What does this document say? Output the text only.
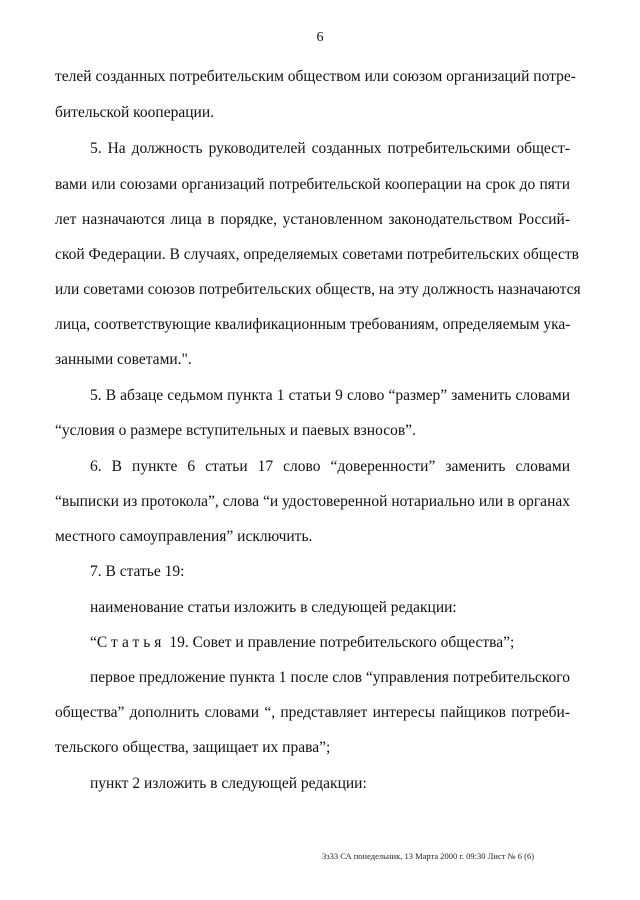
6
телей созданных потребительским обществом или союзом организаций потре-
бительской кооперации.
5. На должность руководителей созданных потребительскими общест-
вами или союзами организаций потребительской кооперации на срок до пяти
лет назначаются лица в порядке, установленном законодательством Россий-
ской Федерации. В случаях, определяемых советами потребительских обществ
или советами союзов потребительских обществ, на эту должность назначаются
лица, соответствующие квалификационным требованиям, определяемым ука-
занными советами.".
5. В абзаце седьмом пункта 1 статьи 9 слово “размер” заменить словами
“условия о размере вступительных и паевых взносов”.
6. В пункте 6 статьи 17 слово “доверенности” заменить словами
“выписки из протокола”, слова “и удостоверенной нотариально или в органах
местного самоуправления” исключить.
7. В статье 19:
наименование статьи изложить в следующей редакции:
“Статья 19. Совет и правление потребительского общества”;
первое предложение пункта 1 после слов “управления потребительского
общества” дополнить словами “, представляет интересы пайщиков потреби-
тельского общества, защищает их права”;
пункт 2 изложить в следующей редакции:
3з33 СА понедельник, 13 Марта 2000 г. 09:30 Лист № 6 (6)
